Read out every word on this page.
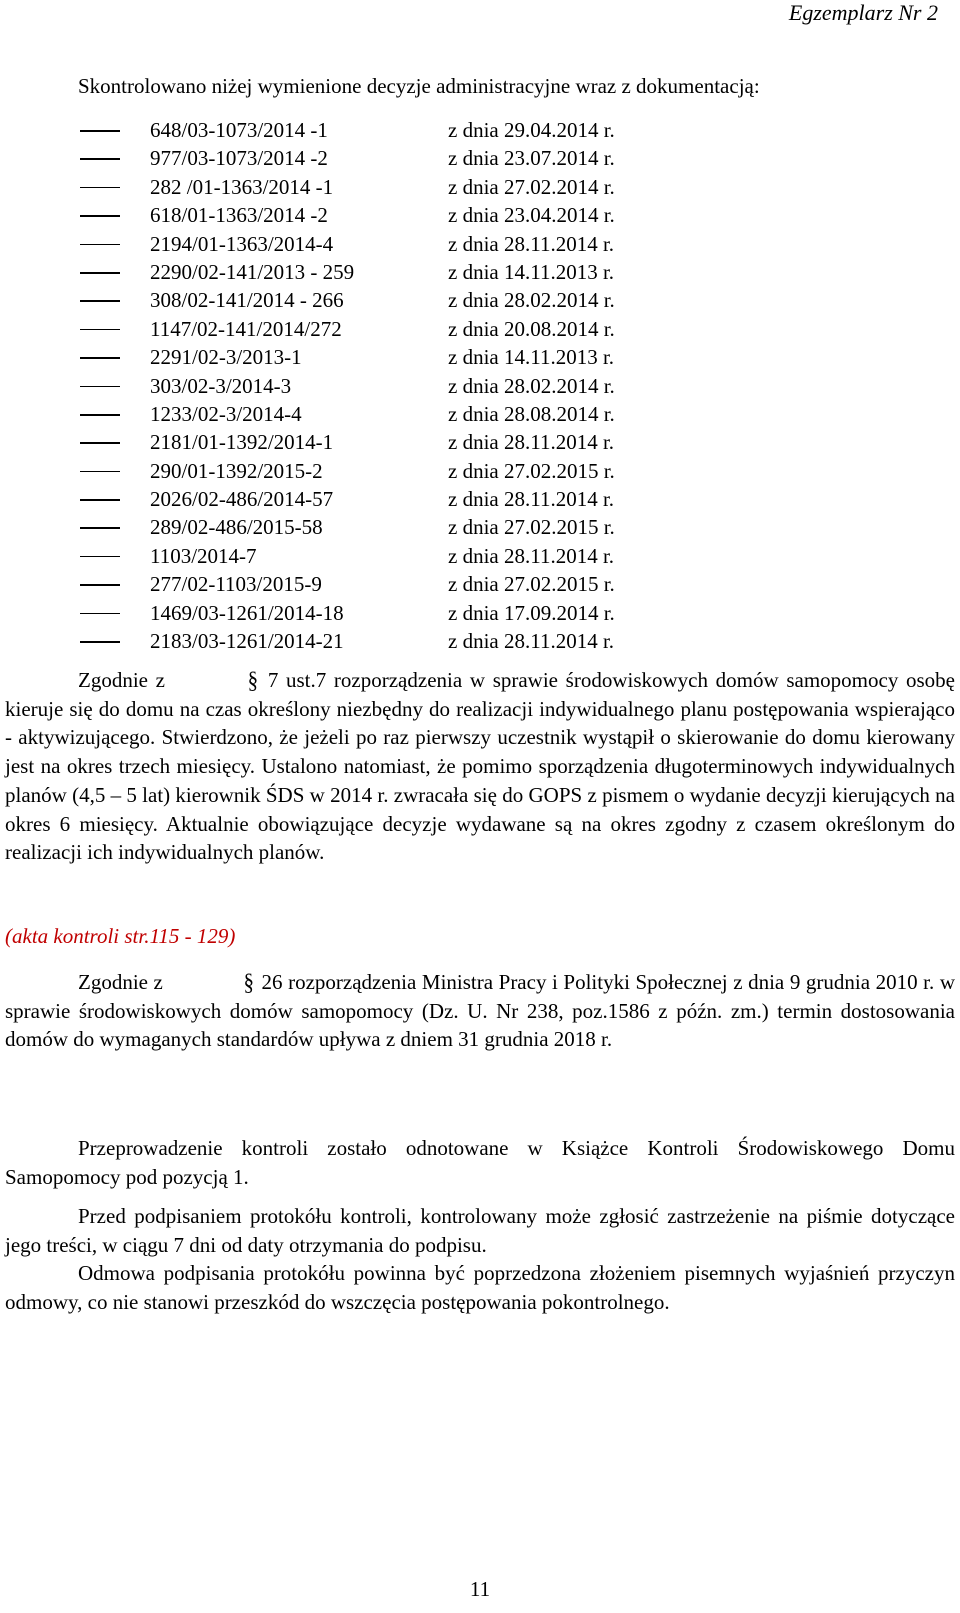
Egzemplarz Nr 2
Skontrolowano niżej wymienione decyzje administracyjne wraz z dokumentacją:
648/03-1073/2014 -1	z dnia 29.04.2014 r.
977/03-1073/2014 -2	z dnia 23.07.2014 r.
282 /01-1363/2014 -1	z dnia 27.02.2014 r.
618/01-1363/2014 -2	z dnia 23.04.2014 r.
2194/01-1363/2014-4	z dnia 28.11.2014 r.
2290/02-141/2013 - 259	z dnia 14.11.2013 r.
308/02-141/2014 - 266	z dnia 28.02.2014 r.
1147/02-141/2014/272	z dnia 20.08.2014 r.
2291/02-3/2013-1	z dnia 14.11.2013 r.
303/02-3/2014-3	z dnia 28.02.2014 r.
1233/02-3/2014-4	z dnia 28.08.2014 r.
2181/01-1392/2014-1	z dnia 28.11.2014 r.
290/01-1392/2015-2	z dnia 27.02.2015 r.
2026/02-486/2014-57	z dnia 28.11.2014 r.
289/02-486/2015-58	z dnia 27.02.2015 r.
1103/2014-7	z dnia 28.11.2014 r.
277/02-1103/2015-9	z dnia 27.02.2015 r.
1469/03-1261/2014-18	z dnia 17.09.2014 r.
2183/03-1261/2014-21	z dnia 28.11.2014 r.
Zgodnie z	§ 7 ust.7 rozporządzenia w sprawie środowiskowych domów samopomocy osobę kieruje się do domu na czas określony niezbędny do realizacji indywidualnego planu postępowania wspierająco - aktywizującego. Stwierdzono, że jeżeli po raz pierwszy uczestnik wystąpił o skierowanie do domu kierowany jest na okres trzech miesięcy. Ustalono natomiast, że pomimo sporządzenia długoterminowych indywidualnych planów (4,5 – 5 lat) kierownik ŚDS w 2014 r. zwracała się do GOPS z pismem o wydanie decyzji kierujących na okres 6 miesięcy. Aktualnie obowiązujące decyzje wydawane są na okres zgodny z czasem określonym do realizacji ich indywidualnych planów.
(akta kontroli str.115 - 129)
Zgodnie z	§ 26 rozporządzenia Ministra Pracy i Polityki Społecznej z dnia 9 grudnia 2010 r. w sprawie środowiskowych domów samopomocy (Dz. U. Nr 238, poz.1586 z późn. zm.) termin dostosowania domów do wymaganych standardów upływa z dniem 31 grudnia 2018 r.
Przeprowadzenie kontroli zostało odnotowane w Książce Kontroli Środowiskowego Domu Samopomocy pod pozycją 1.
Przed podpisaniem protokółu kontroli, kontrolowany może zgłosić zastrzeżenie na piśmie dotyczące jego treści, w ciągu 7 dni od daty otrzymania do podpisu.
Odmowa podpisania protokółu powinna być poprzedzona złożeniem pisemnych wyjaśnień przyczyn odmowy, co nie stanowi przeszkód do wszczęcia postępowania pokontrolnego.
11
